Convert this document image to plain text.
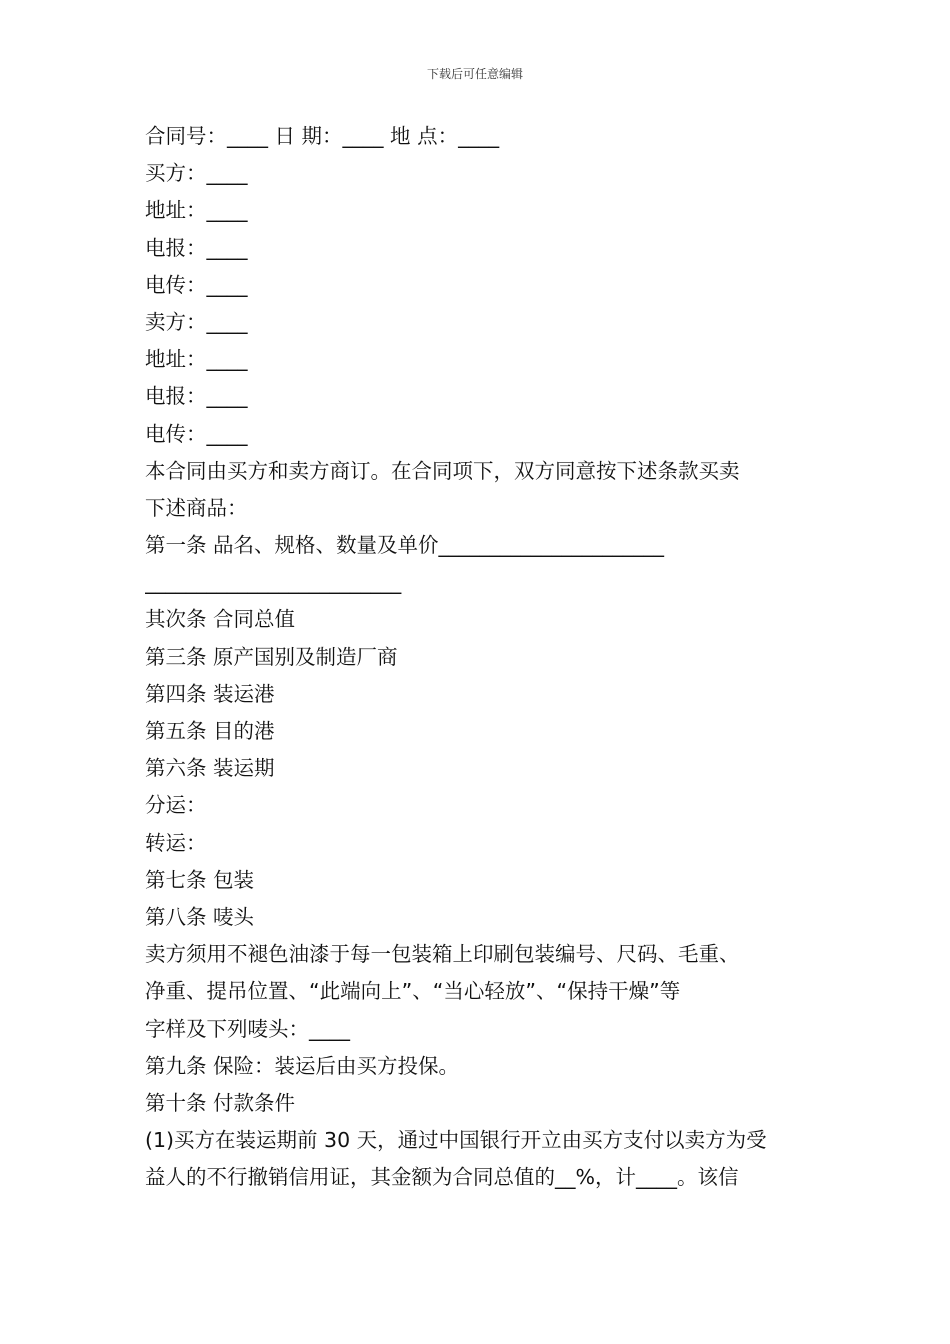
下载后可任意编辑
合同号：____ 日 期：____ 地 点：____
买方：____
地址：____
电报：____
电传：____
卖方：____
地址：____
电报：____
电传：____
本合同由买方和卖方商订。在合同项下，双方同意按下述条款买卖
下述商品：
第一条 品名、规格、数量及单价______________________
_________________________
其次条 合同总值
第三条 原产国别及制造厂商
第四条 装运港
第五条 目的港
第六条 装运期
分运：
转运：
第七条 包装
第八条 唛头
卖方须用不褪色油漆于每一包装箱上印刷包装编号、尺码、毛重、
净重、提吊位置、“此端向上”、“当心轻放”、“保持干燥”等
字样及下列唛头：____
第九条 保险：装运后由买方投保。
第十条 付款条件
(1)买方在装运期前 30 天，通过中国银行开立由买方支付以卖方为受
益人的不行撤销信用证，其金额为合同总值的__%，计____。该信
